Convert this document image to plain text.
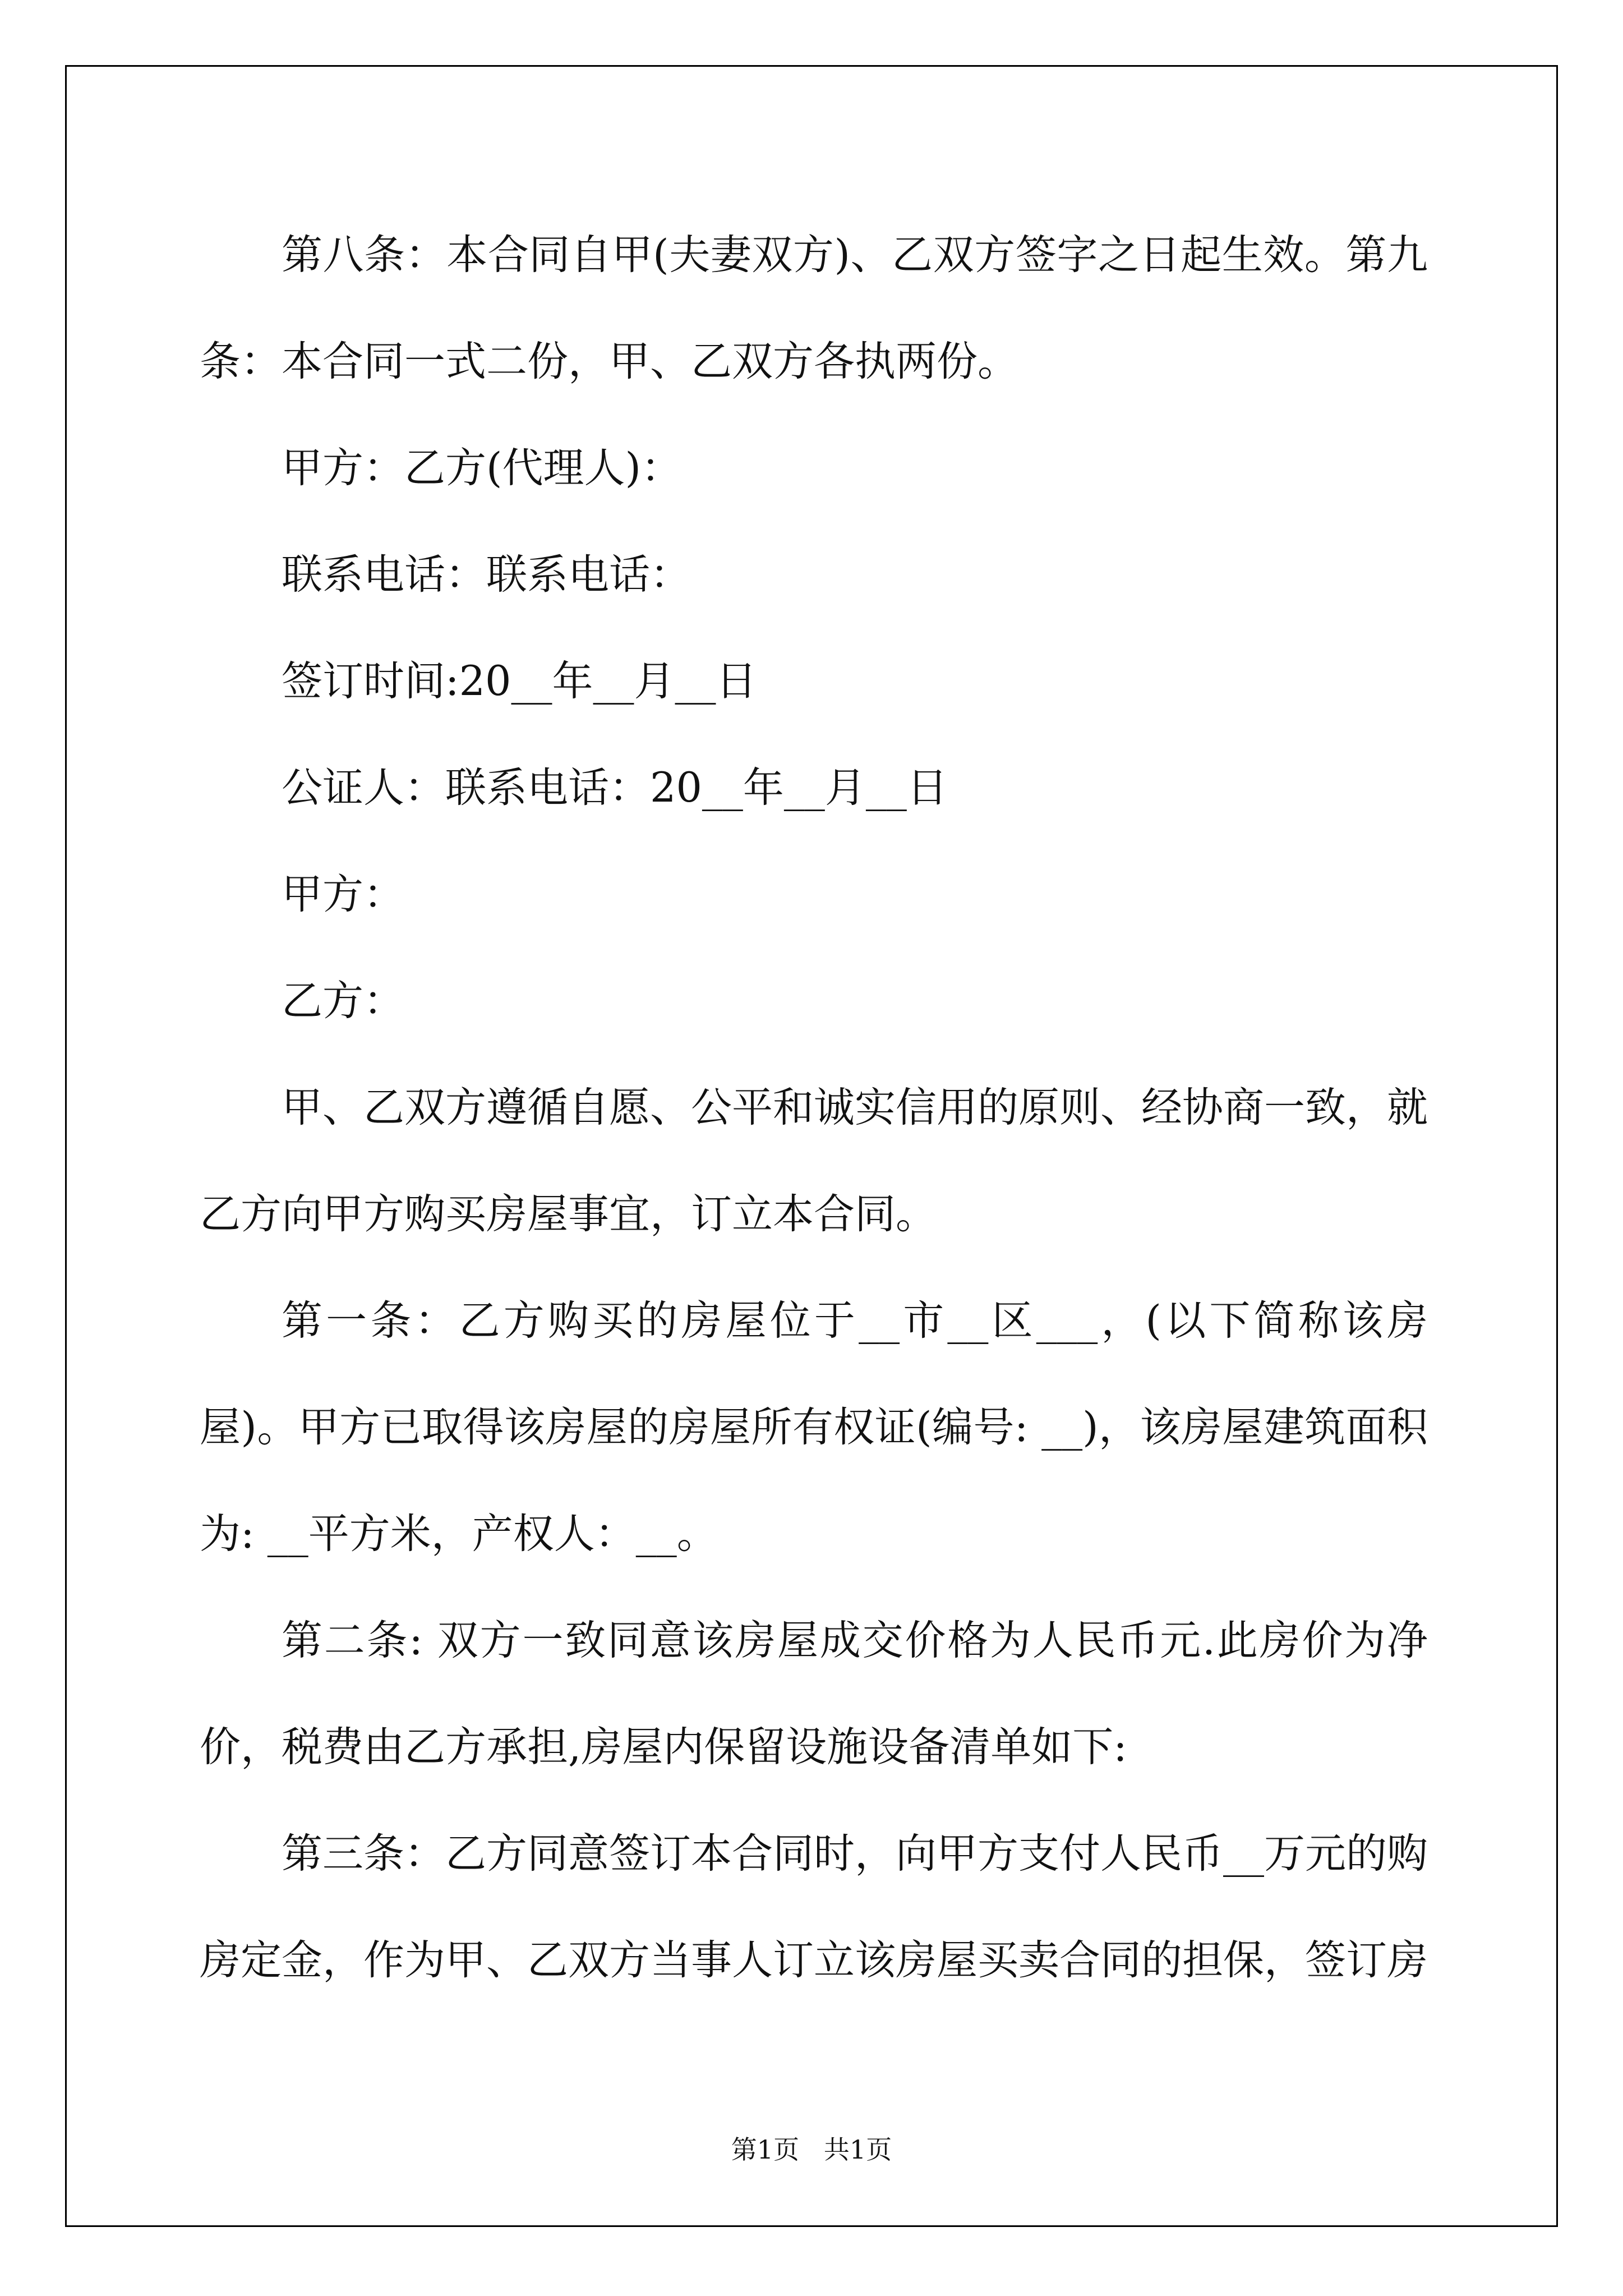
第八条：本合同自甲(夫妻双方)、乙双方签字之日起生效。第九条：本合同一式二份，甲、乙双方各执两份。

甲方：乙方(代理人)：

联系电话：联系电话：

签订时间:20__年__月__日

公证人：联系电话：20__年__月__日

甲方：

乙方：

甲、乙双方遵循自愿、公平和诚实信用的原则、经协商一致，就乙方向甲方购买房屋事宜，订立本合同。

第一条：乙方购买的房屋位于__市__区___，(以下简称该房屋)。甲方已取得该房屋的房屋所有权证(编号: __)，该房屋建筑面积为: __平方米，产权人：__。

第二条: 双方一致同意该房屋成交价格为人民币元.此房价为净价，税费由乙方承担,房屋内保留设施设备清单如下:

第三条：乙方同意签订本合同时，向甲方支付人民币__万元的购房定金，作为甲、乙双方当事人订立该房屋买卖合同的担保，签订房

第1页   共1页
